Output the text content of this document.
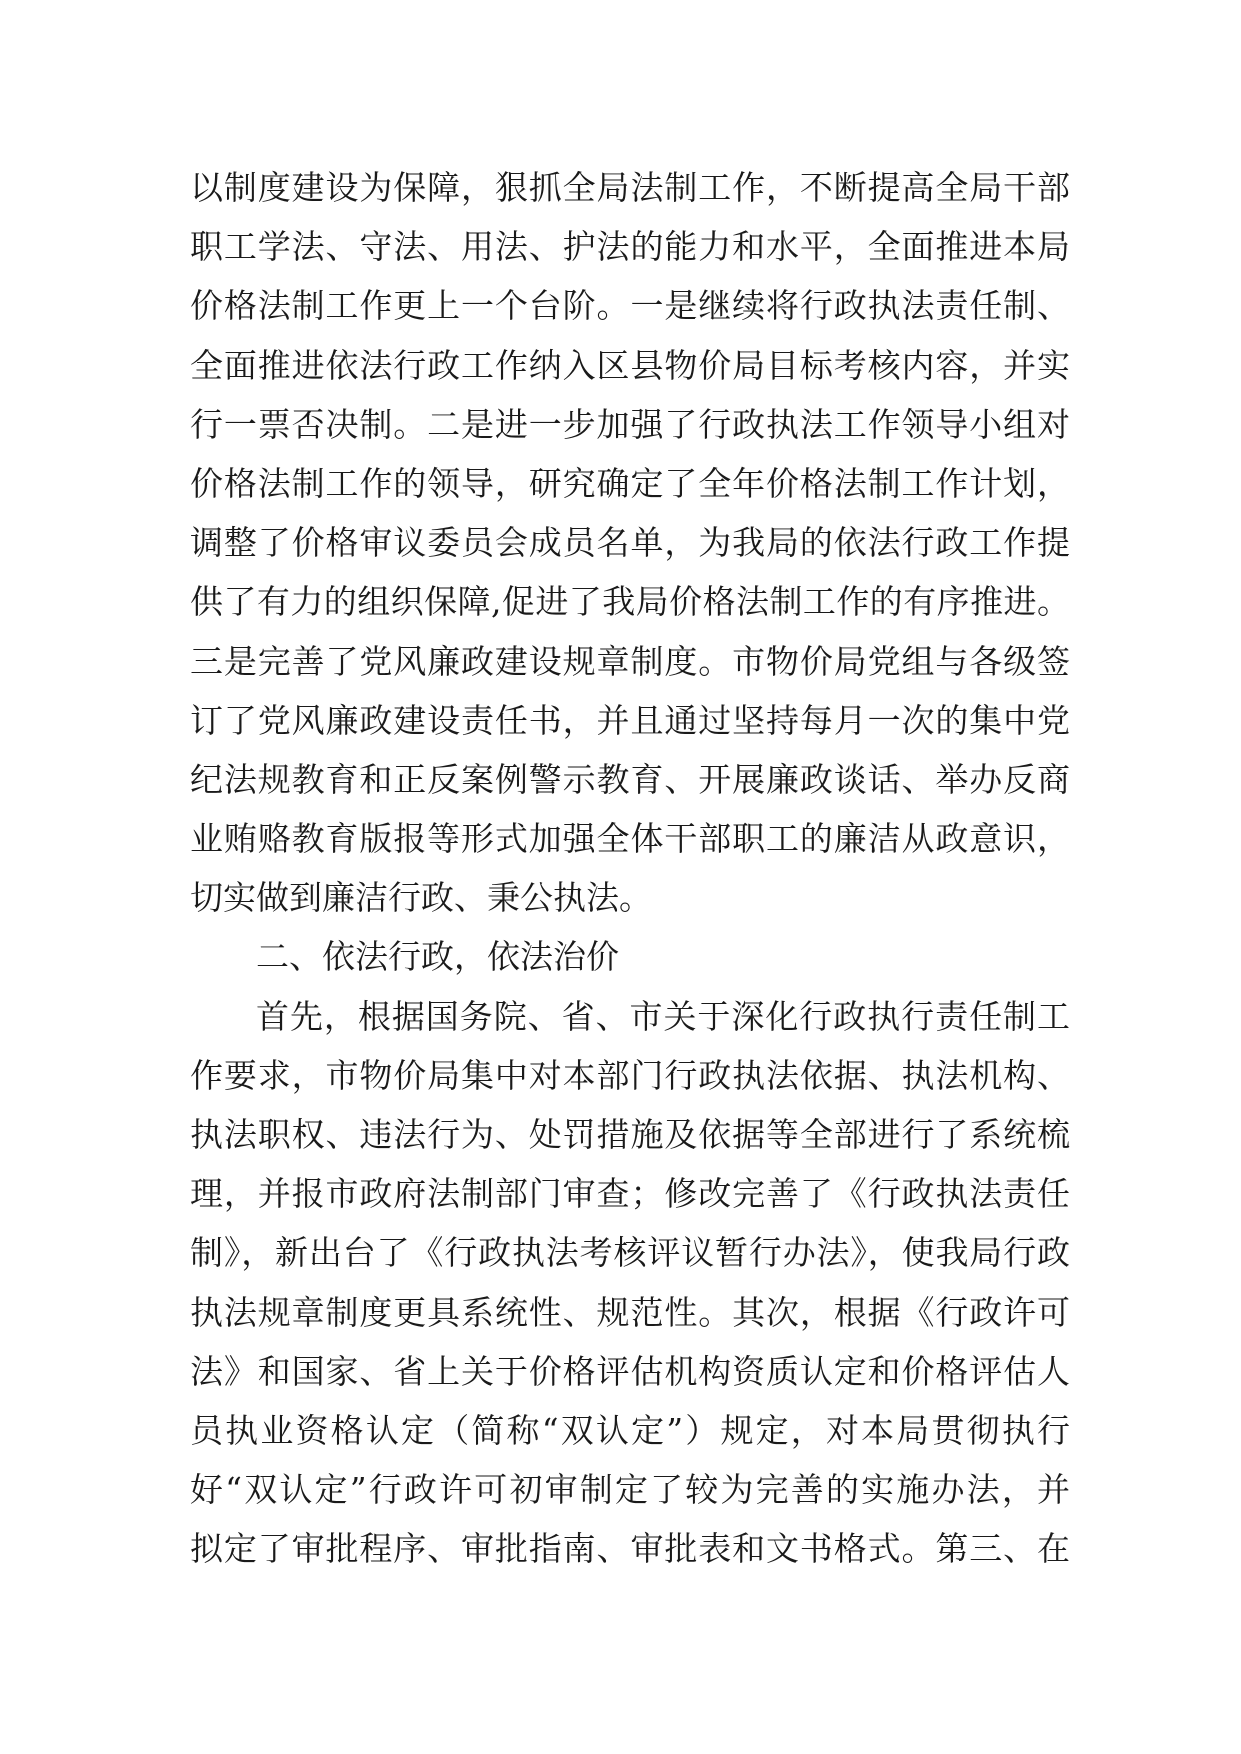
以制度建设为保障，狠抓全局法制工作，不断提高全局干部
职工学法、守法、用法、护法的能力和水平，全面推进本局
价格法制工作更上一个台阶。一是继续将行政执法责任制、
全面推进依法行政工作纳入区县物价局目标考核内容，并实
行一票否决制。二是进一步加强了行政执法工作领导小组对
价格法制工作的领导，研究确定了全年价格法制工作计划，
调整了价格审议委员会成员名单，为我局的依法行政工作提
供了有力的组织保障,促进了我局价格法制工作的有序推进。
三是完善了党风廉政建设规章制度。市物价局党组与各级签
订了党风廉政建设责任书，并且通过坚持每月一次的集中党
纪法规教育和正反案例警示教育、开展廉政谈话、举办反商
业贿赂教育版报等形式加强全体干部职工的廉洁从政意识，
切实做到廉洁行政、秉公执法。
二、依法行政，依法治价
首先，根据国务院、省、市关于深化行政执行责任制工
作要求，市物价局集中对本部门行政执法依据、执法机构、
执法职权、违法行为、处罚措施及依据等全部进行了系统梳
理，并报市政府法制部门审查；修改完善了《行政执法责任
制》，新出台了《行政执法考核评议暂行办法》，使我局行政
执法规章制度更具系统性、规范性。其次，根据《行政许可
法》和国家、省上关于价格评估机构资质认定和价格评估人
员执业资格认定（简称“双认定”）规定，对本局贯彻执行
好“双认定”行政许可初审制定了较为完善的实施办法，并
拟定了审批程序、审批指南、审批表和文书格式。第三、在
